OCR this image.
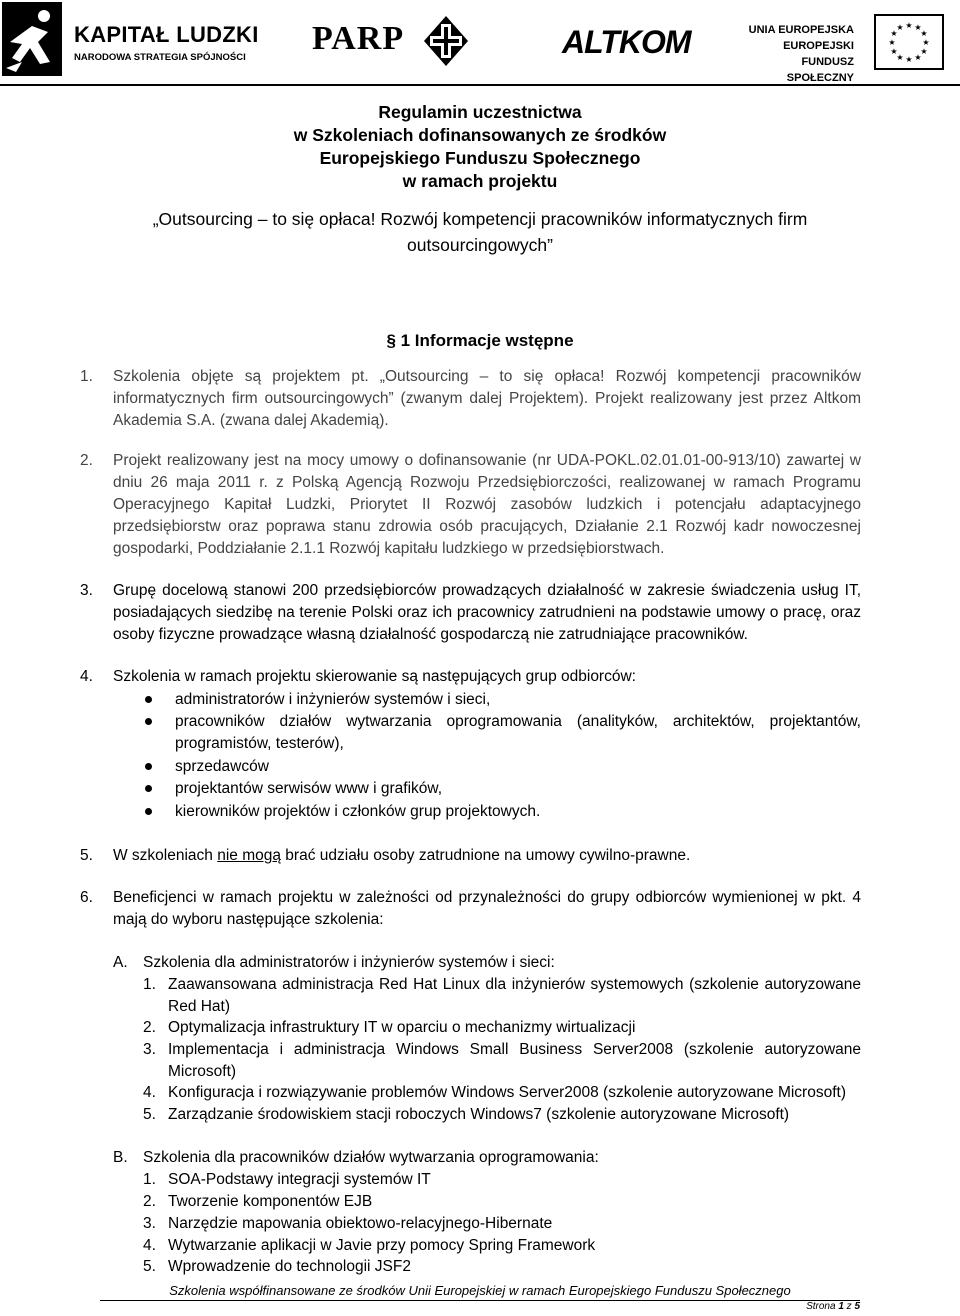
KAPITAŁ LUDZKI
NARODOWA STRATEGIA SPÓJNOŚCI
PARP	ALTKOM	UNIA EUROPEJSKA
EUROPEJSKI
FUNDUSZ SPOŁECZNY
★ ★
★
★
★
★
★
★
★
★
★
★
Regulamin uczestnictwa
w Szkoleniach dofinansowanych ze środków
Europejskiego Funduszu Społecznego
w ramach projektu
„Outsourcing – to się opłaca! Rozwój kompetencji pracowników informatycznych firm
outsourcingowych”
§ 1 Informacje wstępne
1. Szkolenia objęte są projektem pt. „Outsourcing – to się opłaca! Rozwój kompetencji pracowników informatycznych firm outsourcingowych” (zwanym dalej Projektem). Projekt realizowany jest przez Altkom Akademia S.A. (zwana dalej Akademią).
2. Projekt realizowany jest na mocy umowy o dofinansowanie (nr UDA-POKL.02.01.01-00-913/10) zawartej w dniu 26 maja 2011 r. z Polską Agencją Rozwoju Przedsiębiorczości, realizowanej w ramach Programu Operacyjnego Kapitał Ludzki, Priorytet II Rozwój zasobów ludzkich i potencjału adaptacyjnego przedsiębiorstw oraz poprawa stanu zdrowia osób pracujących, Działanie 2.1 Rozwój kadr nowoczesnej gospodarki, Poddziałanie 2.1.1 Rozwój kapitału ludzkiego w przedsiębiorstwach.
3. Grupę docelową stanowi 200 przedsiębiorców prowadzących działalność w zakresie świadczenia usług IT, posiadających siedzibę na terenie Polski oraz ich pracownicy zatrudnieni na podstawie umowy o pracę, oraz osoby fizyczne prowadzące własną działalność gospodarczą nie zatrudniające pracowników.
4. Szkolenia w ramach projektu skierowanie są następujących grup odbiorców:
administratorów i inżynierów systemów i sieci,
pracowników działów wytwarzania oprogramowania (analityków, architektów, projektantów, programistów, testerów),
sprzedawców
projektantów serwisów www i grafików,
kierowników projektów i członków grup projektowych.
5. W szkoleniach nie mogą brać udziału osoby zatrudnione na umowy cywilno-prawne.
6. Beneficjenci w ramach projektu w zależności od przynależności do grupy odbiorców wymienionej w pkt. 4 mają do wyboru następujące szkolenia:
A. Szkolenia dla administratorów i inżynierów systemów i sieci:
1. Zaawansowana administracja Red Hat Linux dla inżynierów systemowych (szkolenie autoryzowane Red Hat)
2. Optymalizacja infrastruktury IT w oparciu o mechanizmy wirtualizacji
3. Implementacja i administracja Windows Small Business Server2008 (szkolenie autoryzowane Microsoft)
4. Konfiguracja i rozwiązywanie problemów Windows Server2008 (szkolenie autoryzowane Microsoft)
5. Zarządzanie środowiskiem stacji roboczych Windows7 (szkolenie autoryzowane Microsoft)
B. Szkolenia dla pracowników działów wytwarzania oprogramowania:
1. SOA-Podstawy integracji systemów IT
2. Tworzenie komponentów EJB
3. Narzędzie mapowania obiektowo-relacyjnego-Hibernate
4. Wytwarzanie aplikacji w Javie przy pomocy Spring Framework
5. Wprowadzenie do technologii JSF2
Szkolenia współfinansowane ze środków Unii Europejskiej w ramach Europejskiego Funduszu Społecznego
Strona 1 z 5
